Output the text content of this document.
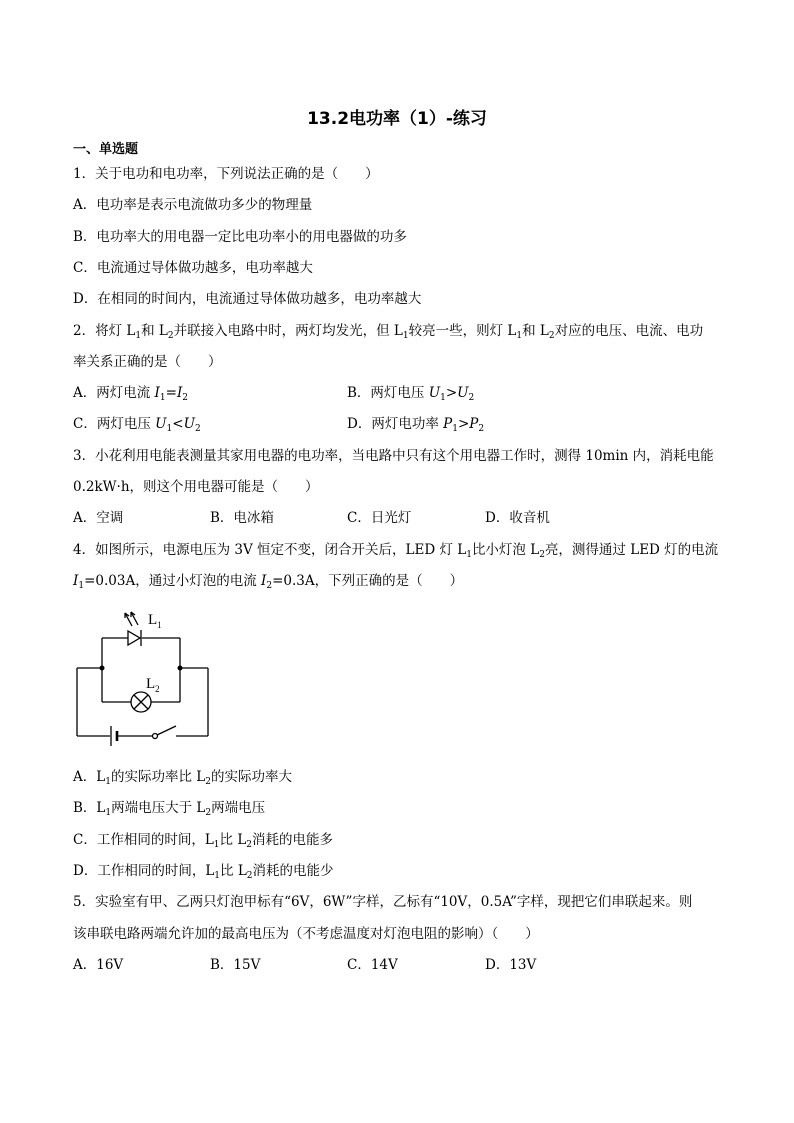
13.2电功率（1）-练习
一、单选题
1．关于电功和电功率，下列说法正确的是（　　）
A．电功率是表示电流做功多少的物理量
B．电功率大的用电器一定比电功率小的用电器做的功多
C．电流通过导体做功越多，电功率越大
D．在相同的时间内，电流通过导体做功越多，电功率越大
2．将灯 $L_1$和 $L_2$并联接入电路中时，两灯均发光，但 $L_1$较亮一些，则灯 $L_1$和 $L_2$对应的电压、电流、电功
率关系正确的是（　　）
A．两灯电流 $I_1=I_2$	B．两灯电压 $U_1>U_2$
C．两灯电压 $U_1<U_2$	D．两灯电功率 $P_1>P_2$
3．小花利用电能表测量其家用电器的电功率，当电路中只有这个用电器工作时，测得 10min 内，消耗电能
0.2kW·h，则这个用电器可能是（　　）
A．空调	B．电冰箱	C．日光灯	D．收音机
4．如图所示，电源电压为 3V 恒定不变，闭合开关后，LED 灯 $L_1$比小灯泡 $L_2$亮，测得通过 LED 灯的电流
$I_1=0.03A$，通过小灯泡的电流 $I_2=0.3A$，下列正确的是（　　）
$L_1$
$L_2$
A．$L_1$的实际功率比 $L_2$的实际功率大
B．$L_1$两端电压大于 $L_2$两端电压
C．工作相同的时间，$L_1$比 $L_2$消耗的电能多
D．工作相同的时间，$L_1$比 $L_2$消耗的电能少
5．实验室有甲、乙两只灯泡甲标有“6V，6W”字样，乙标有“10V，0.5A”字样，现把它们串联起来。则
该串联电路两端允许加的最高电压为（不考虑温度对灯泡电阻的影响）（　　）
A．16V	B．15V	C．14V	D．13V
